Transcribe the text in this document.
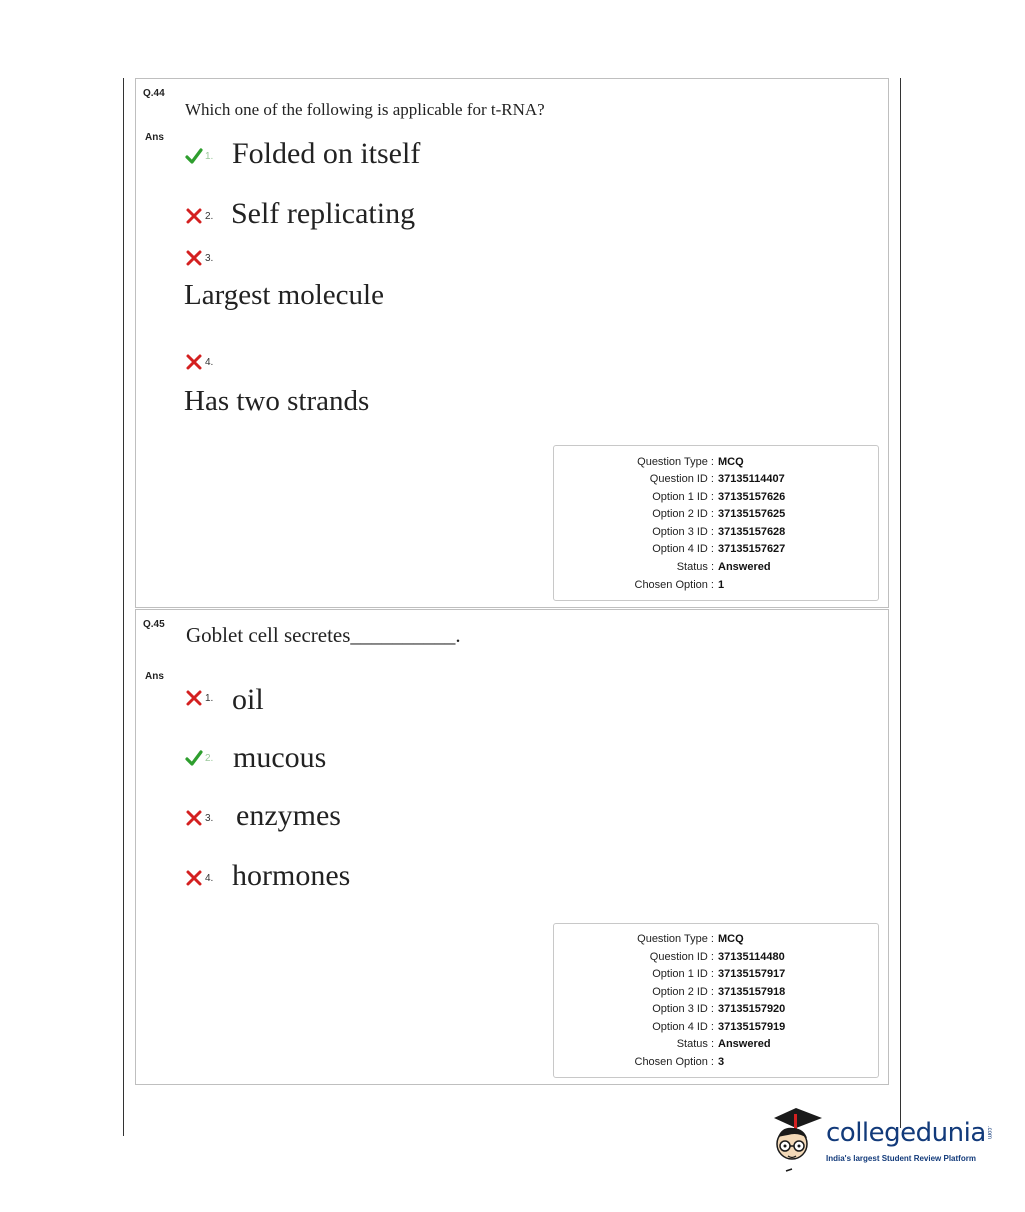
Q.44
Which one of the following is applicable for t-RNA?
Ans
1. Folded on itself
2. Self replicating
3.
Largest molecule
4.
Has two strands
Question Type : MCQ
Question ID : 37135114407
Option 1 ID : 37135157626
Option 2 ID : 37135157625
Option 3 ID : 37135157628
Option 4 ID : 37135157627
Status : Answered
Chosen Option : 1
Q.45 Goblet cell secretes__________.
Ans
1. oil
2. mucous
3. enzymes
4. hormones
Question Type : MCQ
Question ID : 37135114480
Option 1 ID : 37135157917
Option 2 ID : 37135157918
Option 3 ID : 37135157920
Option 4 ID : 37135157919
Status : Answered
Chosen Option : 3
collegedunia .com
India's largest Student Review Platform
